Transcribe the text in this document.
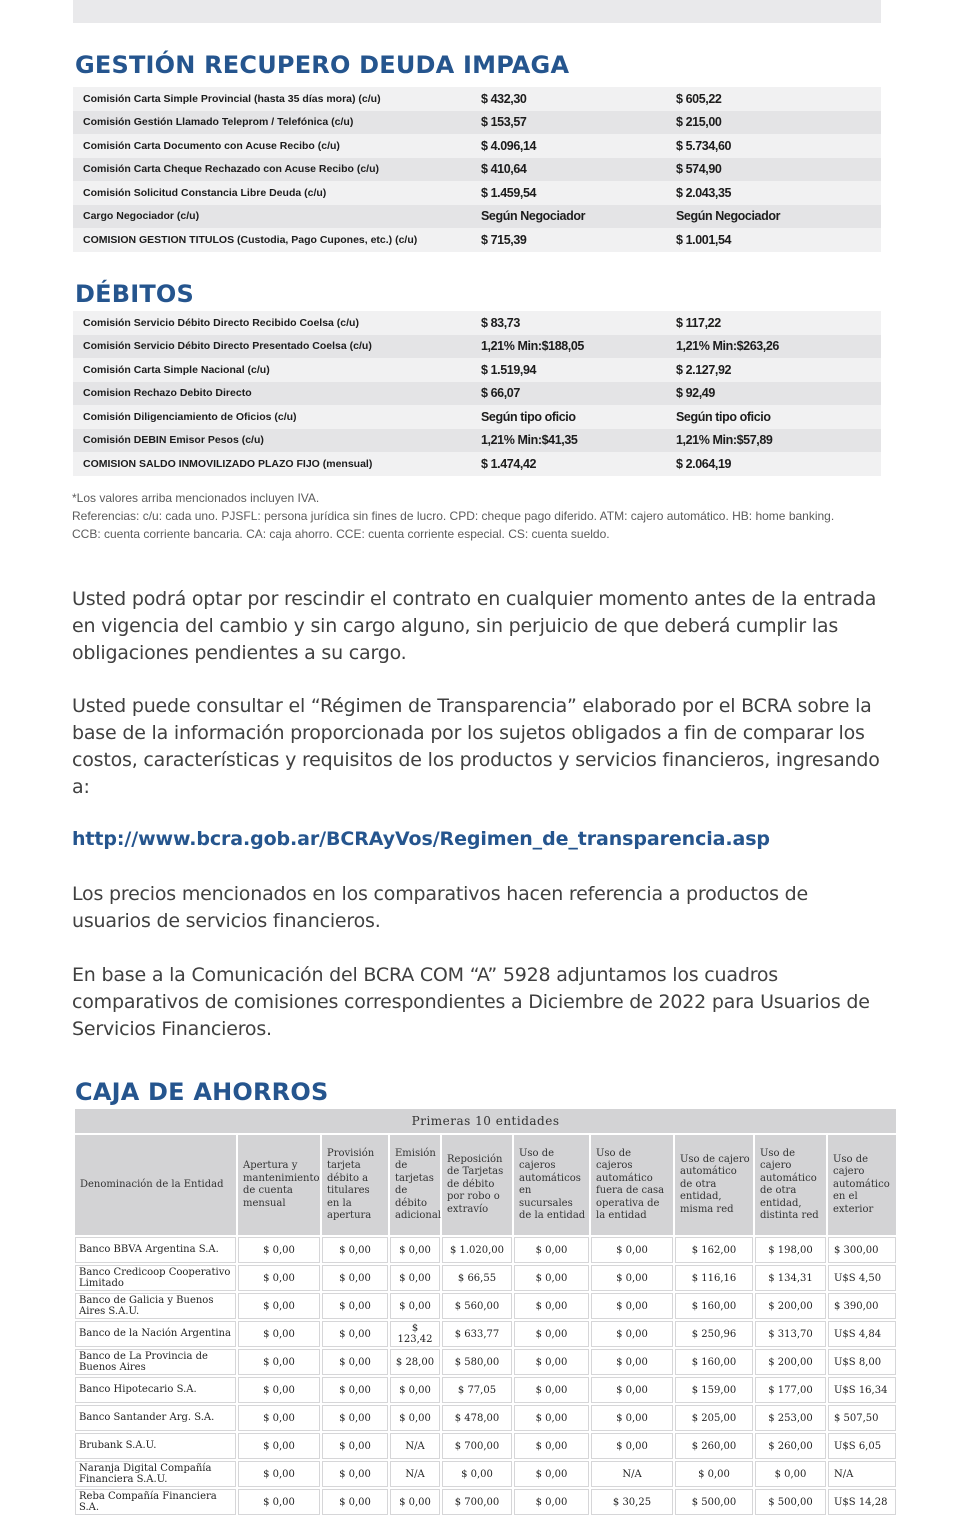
GESTIÓN RECUPERO DEUDA IMPAGA
Comisión Carta Simple Provincial (hasta 35 días mora) (c/u)	$ 432,30	$ 605,22
Comisión Gestión Llamado Teleprom / Telefónica (c/u)	$ 153,57	$ 215,00
Comisión Carta Documento con Acuse Recibo (c/u)	$ 4.096,14	$ 5.734,60
Comisión Carta Cheque Rechazado con Acuse Recibo (c/u)	$ 410,64	$ 574,90
Comisión Solicitud Constancia Libre Deuda (c/u)	$ 1.459,54	$ 2.043,35
Cargo Negociador (c/u)	Según Negociador	Según Negociador
COMISION GESTION TITULOS (Custodia, Pago Cupones, etc.) (c/u)	$ 715,39	$ 1.001,54
DÉBITOS
Comisión Servicio Débito Directo Recibido Coelsa (c/u)	$ 83,73	$ 117,22
Comisión Servicio Débito Directo Presentado Coelsa (c/u)	1,21% Min:$188,05	1,21% Min:$263,26
Comisión Carta Simple Nacional (c/u)	$ 1.519,94	$ 2.127,92
Comision Rechazo Debito Directo	$ 66,07	$ 92,49
Comisión Diligenciamiento de Oficios (c/u)	Según tipo oficio	Según tipo oficio
Comisión DEBIN Emisor Pesos (c/u)	1,21% Min:$41,35	1,21% Min:$57,89
COMISION SALDO INMOVILIZADO PLAZO FIJO (mensual)	$ 1.474,42	$ 2.064,19

*Los valores arriba mencionados incluyen IVA.

Referencias: c/u: cada uno. PJSFL: persona jurídica sin fines de lucro. CPD: cheque pago diferido. ATM: cajero automático. HB: home banking.

CCB: cuenta corriente bancaria. CA: caja ahorro. CCE: cuenta corriente especial. CS: cuenta sueldo.

Usted podrá optar por rescindir el contrato en cualquier momento antes de la entrada en vigencia del cambio y sin cargo alguno, sin perjuicio de que deberá cumplir las obligaciones pendientes a su cargo.

Usted puede consultar el “Régimen de Transparencia” elaborado por el BCRA sobre la base de la información proporcionada por los sujetos obligados a fin de comparar los costos, características y requisitos de los productos y servicios financieros, ingresando a:

http://www.bcra.gob.ar/BCRAyVos/Regimen_de_transparencia.asp

Los precios mencionados en los comparativos hacen referencia a productos de usuarios de servicios financieros.

En base a la Comunicación del BCRA COM “A” 5928 adjuntamos los cuadros comparativos de comisiones correspondientes a Diciembre de 2022 para Usuarios de Servicios Financieros.

CAJA DE AHORROS
Primeras 10 entidades									
Denominación de la Entidad	Apertura y mantenimiento de cuenta mensual	Provisión tarjeta débito a titulares en la apertura	Emisión de tarjetas de débito adicional	Reposición de Tarjetas de débito por robo o extravío	Uso de cajeros automáticos en sucursales de la entidad	Uso de cajeros automático fuera de casa operativa de la entidad	Uso de cajero automático de otra entidad, misma red	Uso de cajero automático de otra entidad, distinta red	Uso de cajero automático en el exterior
Banco BBVA Argentina S.A.	$ 0,00	$ 0,00	$ 0,00	$ 1.020,00	$ 0,00	$ 0,00	$ 162,00	$ 198,00	$ 300,00
Banco Credicoop Cooperativo Limitado	$ 0,00	$ 0,00	$ 0,00	$ 66,55	$ 0,00	$ 0,00	$ 116,16	$ 134,31	U$S 4,50
Banco de Galicia y Buenos Aires S.A.U.	$ 0,00	$ 0,00	$ 0,00	$ 560,00	$ 0,00	$ 0,00	$ 160,00	$ 200,00	$ 390,00
Banco de la Nación Argentina	$ 0,00	$ 0,00	$ 123,42	$ 633,77	$ 0,00	$ 0,00	$ 250,96	$ 313,70	U$S 4,84
Banco de La Provincia de Buenos Aires	$ 0,00	$ 0,00	$ 28,00	$ 580,00	$ 0,00	$ 0,00	$ 160,00	$ 200,00	U$S 8,00
Banco Hipotecario S.A.	$ 0,00	$ 0,00	$ 0,00	$ 77,05	$ 0,00	$ 0,00	$ 159,00	$ 177,00	U$S 16,34
Banco Santander Arg. S.A.	$ 0,00	$ 0,00	$ 0,00	$ 478,00	$ 0,00	$ 0,00	$ 205,00	$ 253,00	$ 507,50
Brubank S.A.U.	$ 0,00	$ 0,00	N/A	$ 700,00	$ 0,00	$ 0,00	$ 260,00	$ 260,00	U$S 6,05
Naranja Digital Compañía Financiera S.A.U.	$ 0,00	$ 0,00	N/A	$ 0,00	$ 0,00	N/A	$ 0,00	$ 0,00	N/A
Reba Compañía Financiera S.A.	$ 0,00	$ 0,00	$ 0,00	$ 700,00	$ 0,00	$ 30,25	$ 500,00	$ 500,00	U$S 14,28
